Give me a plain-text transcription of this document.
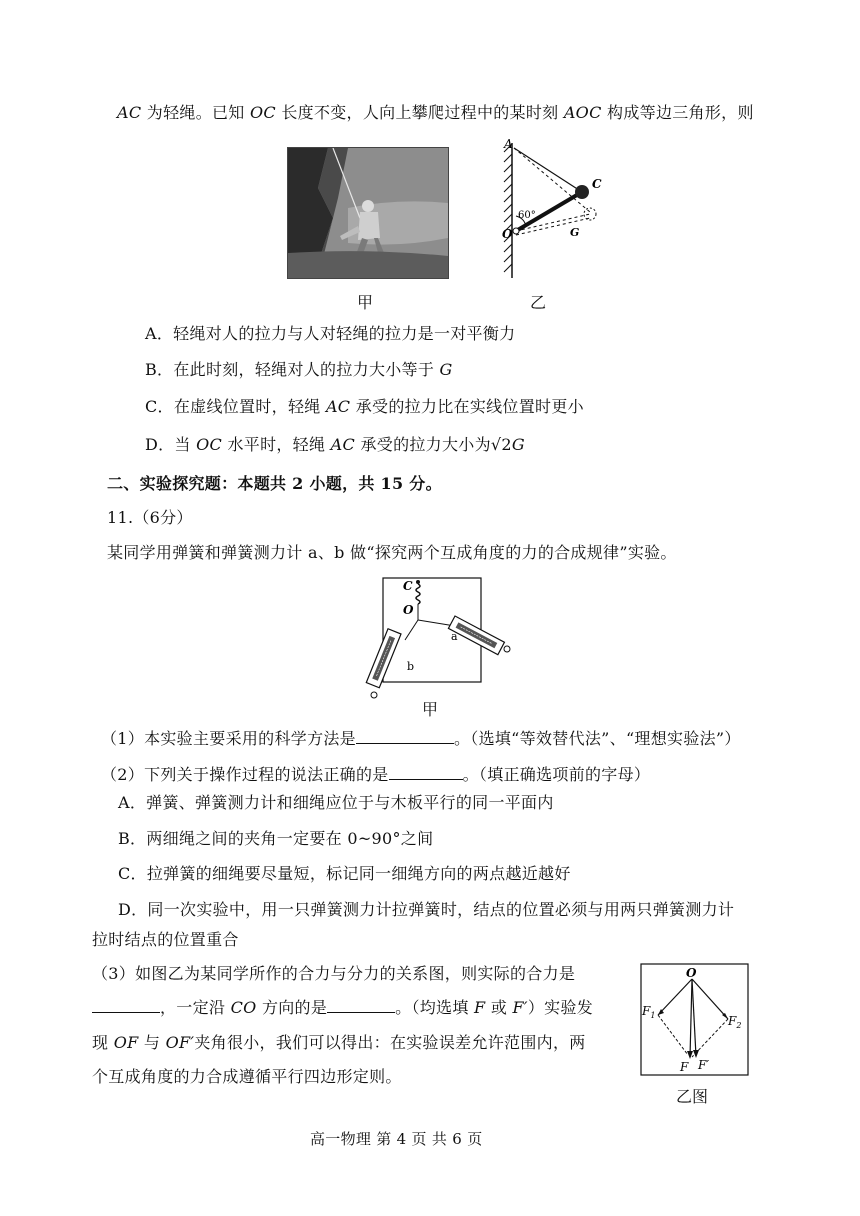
AC 为轻绳。已知 OC 长度不变，人向上攀爬过程中的某时刻 AOC 构成等边三角形，则
A
C
O	G
60°
甲	乙
A．轻绳对人的拉力与人对轻绳的拉力是一对平衡力
B．在此时刻，轻绳对人的拉力大小等于 G
C．在虚线位置时，轻绳 AC 承受的拉力比在实线位置时更小
D．当 OC 水平时，轻绳 AC 承受的拉力大小为√2G
二、实验探究题：本题共 2 小题，共 15 分。
11.（6分）
某同学用弹簧和弹簧测力计 a、b 做“探究两个互成角度的力的合成规律”实验。
C
O
a
b
甲
（1）本实验主要采用的科学方法是	。（选填“等效替代法”、“理想实验法”）
（2）下列关于操作过程的说法正确的是	。（填正确选项前的字母）
A．弹簧、弹簧测力计和细绳应位于与木板平行的同一平面内
B．两细绳之间的夹角一定要在 0~90°之间
C．拉弹簧的细绳要尽量短，标记同一细绳方向的两点越近越好
D．同一次实验中，用一只弹簧测力计拉弹簧时，结点的位置必须与用两只弹簧测力计
拉时结点的位置重合
（3）如图乙为某同学所作的合力与分力的关系图，则实际的合力是
，一定沿 CO 方向的是	。（均选填 F 或 F′）实验发
现 OF 与 OF′夹角很小，我们可以得出：在实验误差允许范围内，两
个互成角度的力合成遵循平行四边形定则。
O
$F_1$	$F_2$
F F′
乙图
高一物理 第 4 页 共 6 页
